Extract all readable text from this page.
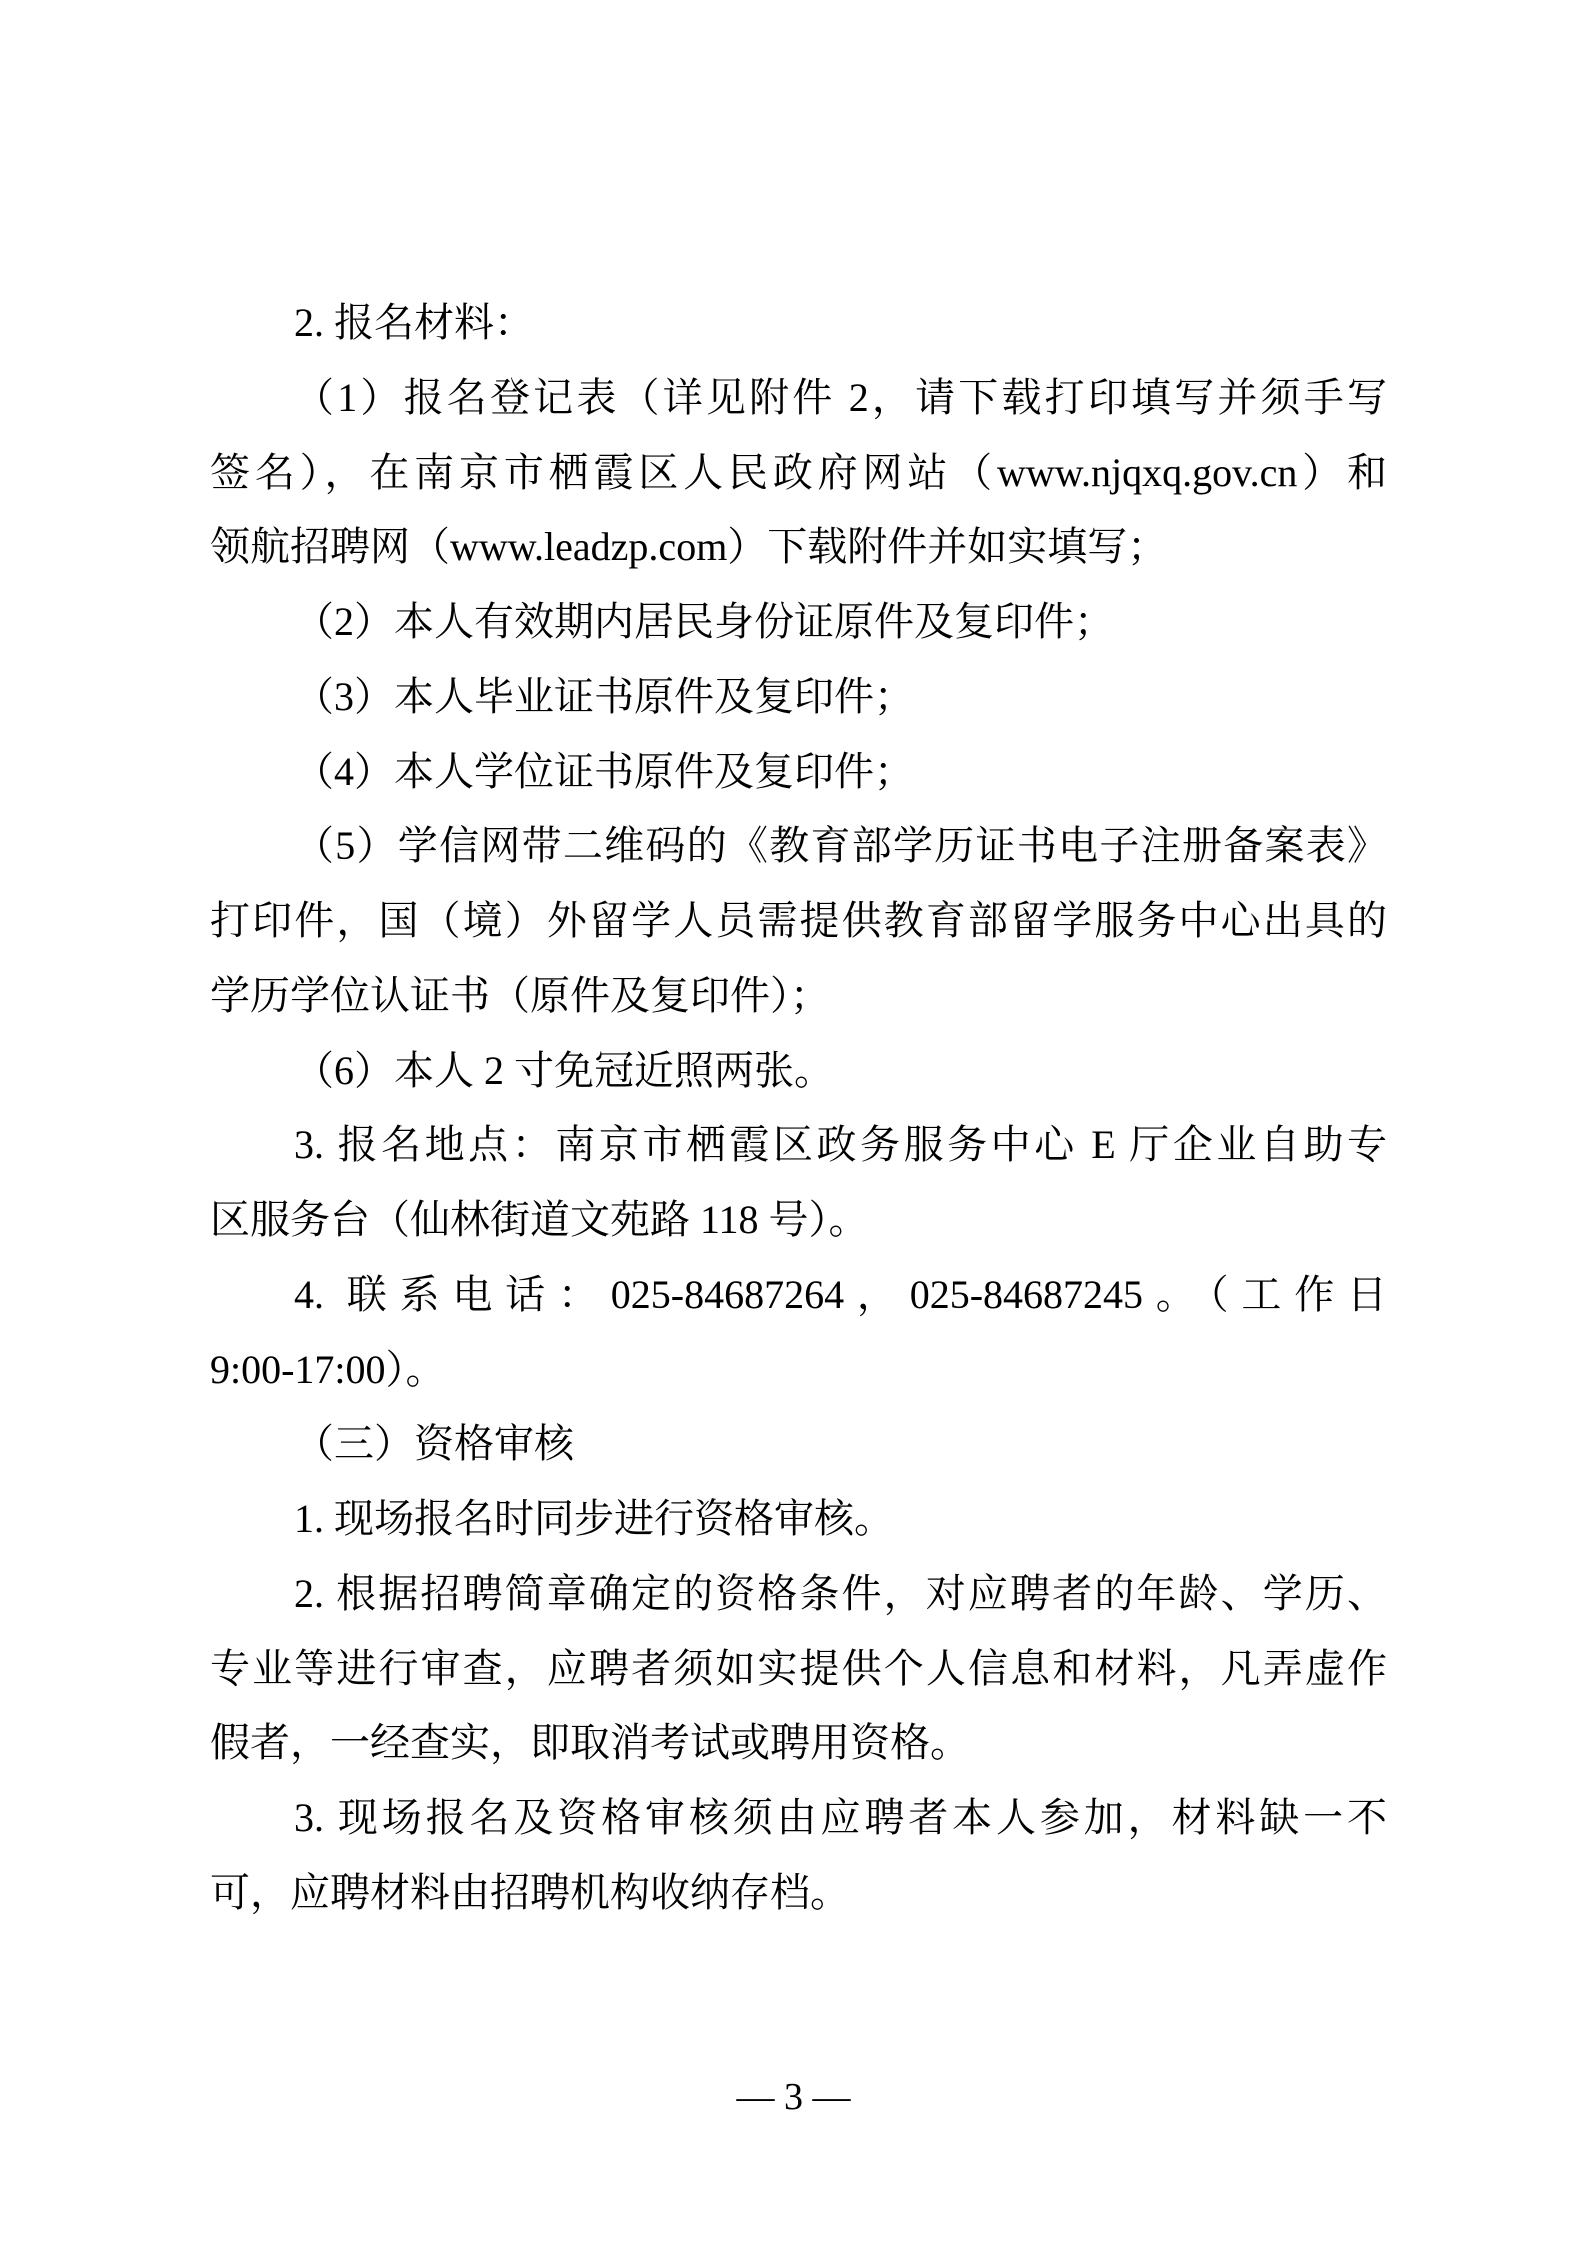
2. 报名材料：
（1）报名登记表（详见附件 2，请下载打印填写并须手写
签名），在南京市栖霞区人民政府网站（www.njqxq.gov.cn）和
领航招聘网（www.leadzp.com）下载附件并如实填写；
（2）本人有效期内居民身份证原件及复印件；
（3）本人毕业证书原件及复印件；
（4）本人学位证书原件及复印件；
（5）学信网带二维码的《教育部学历证书电子注册备案表》
打印件，国（境）外留学人员需提供教育部留学服务中心出具的
学历学位认证书（原件及复印件）；
（6）本人 2 寸免冠近照两张。
3. 报名地点：南京市栖霞区政务服务中心 E 厅企业自助专
区服务台（仙林街道文苑路 118 号）。
4. 联系电话：025-84687264，025-84687245。（工作日
9:00-17:00）。
（三）资格审核
1. 现场报名时同步进行资格审核。
2. 根据招聘简章确定的资格条件，对应聘者的年龄、学历、
专业等进行审查，应聘者须如实提供个人信息和材料，凡弄虚作
假者，一经查实，即取消考试或聘用资格。
3. 现场报名及资格审核须由应聘者本人参加，材料缺一不
可，应聘材料由招聘机构收纳存档。
— 3 —
